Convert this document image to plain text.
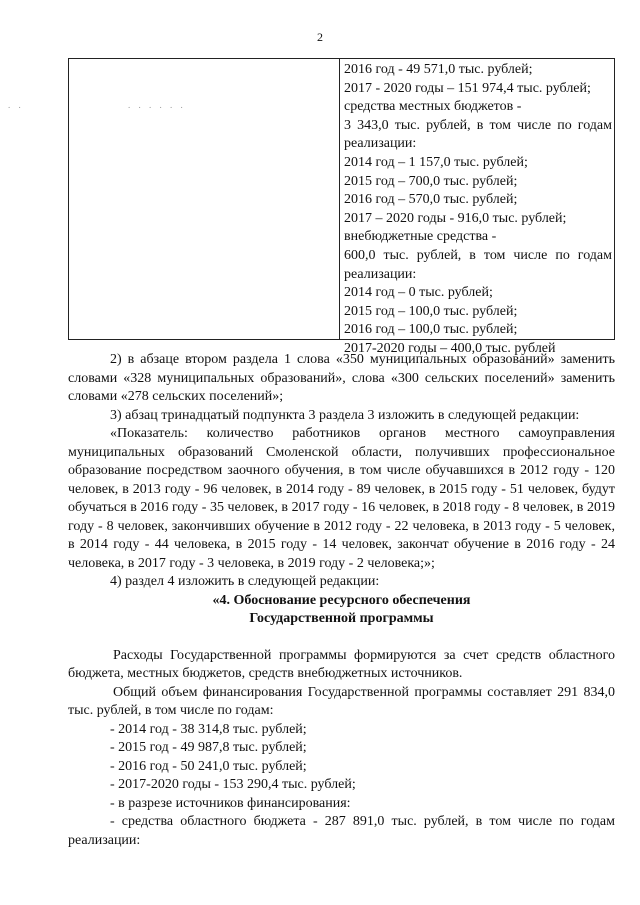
2
. .	. . . . . .
2016 год - 49 571,0 тыс. рублей;
2017 - 2020 годы – 151 974,4 тыс. рублей;
средства местных бюджетов -
3 343,0 тыс. рублей, в том числе по годам
реализации:
2014 год – 1 157,0 тыс. рублей;
2015 год – 700,0 тыс. рублей;
2016 год – 570,0 тыс. рублей;
2017 – 2020 годы - 916,0 тыс. рублей;
внебюджетные средства -
600,0 тыс. рублей, в том числе по годам
реализации:
2014 год – 0 тыс. рублей;
2015 год – 100,0 тыс. рублей;
2016 год – 100,0 тыс. рублей;
2017-2020 годы – 400,0 тыс. рублей

2) в абзаце втором раздела 1 слова «350 муниципальных образований» заменить словами «328 муниципальных образований», слова «300 сельских поселений» заменить словами «278 сельских поселений»;

3) абзац тринадцатый подпункта 3 раздела 3 изложить в следующей редакции:

«Показатель: количество работников органов местного самоуправления муниципальных образований Смоленской области, получивших профессиональное образование посредством заочного обучения, в том числе обучавшихся в 2012 году - 120 человек, в 2013 году - 96 человек, в 2014 году - 89 человек, в 2015 году - 51 человек, будут обучаться в 2016 году - 35 человек, в 2017 году - 16 человек, в 2018 году - 8 человек, в 2019 году - 8 человек, закончивших обучение в 2012 году - 22 человека, в 2013 году - 5 человек, в 2014 году - 44 человека, в 2015 году - 14 человек, закончат обучение в 2016 году - 24 человека, в 2017 году - 3 человека, в 2019 году - 2 человека;»;

4) раздел 4 изложить в следующей редакции:

«4. Обоснование ресурсного обеспечения

Государственной программы

Расходы Государственной программы формируются за счет средств областного бюджета, местных бюджетов, средств внебюджетных источников.

Общий объем финансирования Государственной программы составляет 291 834,0 тыс. рублей, в том числе по годам:

- 2014 год - 38 314,8 тыс. рублей;

- 2015 год - 49 987,8 тыс. рублей;

- 2016 год - 50 241,0 тыс. рублей;

- 2017-2020 годы - 153 290,4 тыс. рублей;

- в разрезе источников финансирования:

- средства областного бюджета - 287 891,0 тыс. рублей, в том числе по годам реализации:
